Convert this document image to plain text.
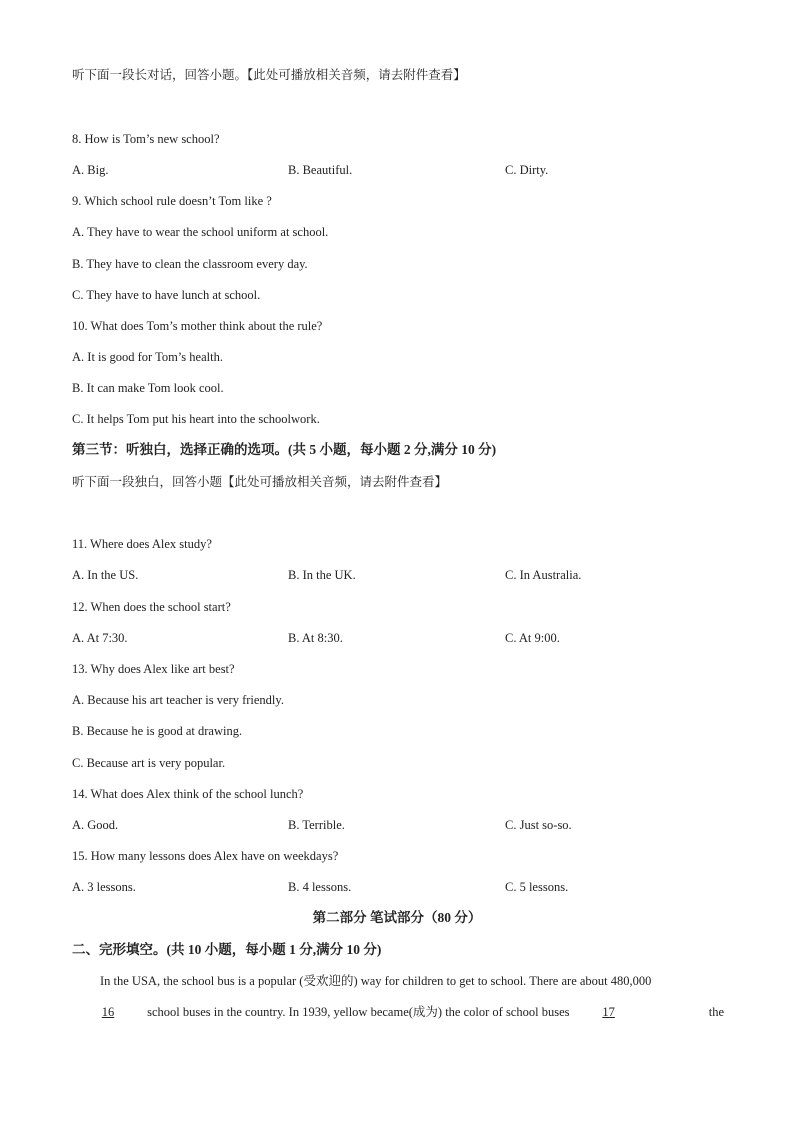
听下面一段长对话，回答小题。【此处可播放相关音频，请去附件查看】
8. How is Tom’s new school?
A. Big.	B. Beautiful.	C. Dirty.
9. Which school rule doesn’t Tom like ?
A. They have to wear the school uniform at school.
B. They have to clean the classroom every day.
C. They have to have lunch at school.
10. What does Tom’s mother think about the rule?
A. It is good for Tom’s health.
B. It can make Tom look cool.
C. It helps Tom put his heart into the schoolwork.
第三节：听独白，选择正确的选项。(共 5 小题，每小题 2 分,满分 10 分)
听下面一段独白，回答小题【此处可播放相关音频，请去附件查看】
11. Where does Alex study?
A. In the US.	B. In the UK.	C. In Australia.
12. When does the school start?
A. At 7:30.	B. At 8:30.	C. At 9:00.
13. Why does Alex like art best?
A. Because his art teacher is very friendly.
B. Because he is good at drawing.
C. Because art is very popular.
14. What does Alex think of the school lunch?
A. Good.	B. Terrible.	C. Just so-so.
15. How many lessons does Alex have on weekdays?
A. 3 lessons.	B. 4 lessons.	C. 5 lessons.
第二部分 笔试部分（80 分）
二、完形填空。(共 10 小题，每小题 1 分,满分 10 分)
In the USA, the school bus is a popular (受欢迎的) way for children to get to school. There are about 480,000
16	school buses in the country. In 1939, yellow became(成为) the color of school buses	17	the
